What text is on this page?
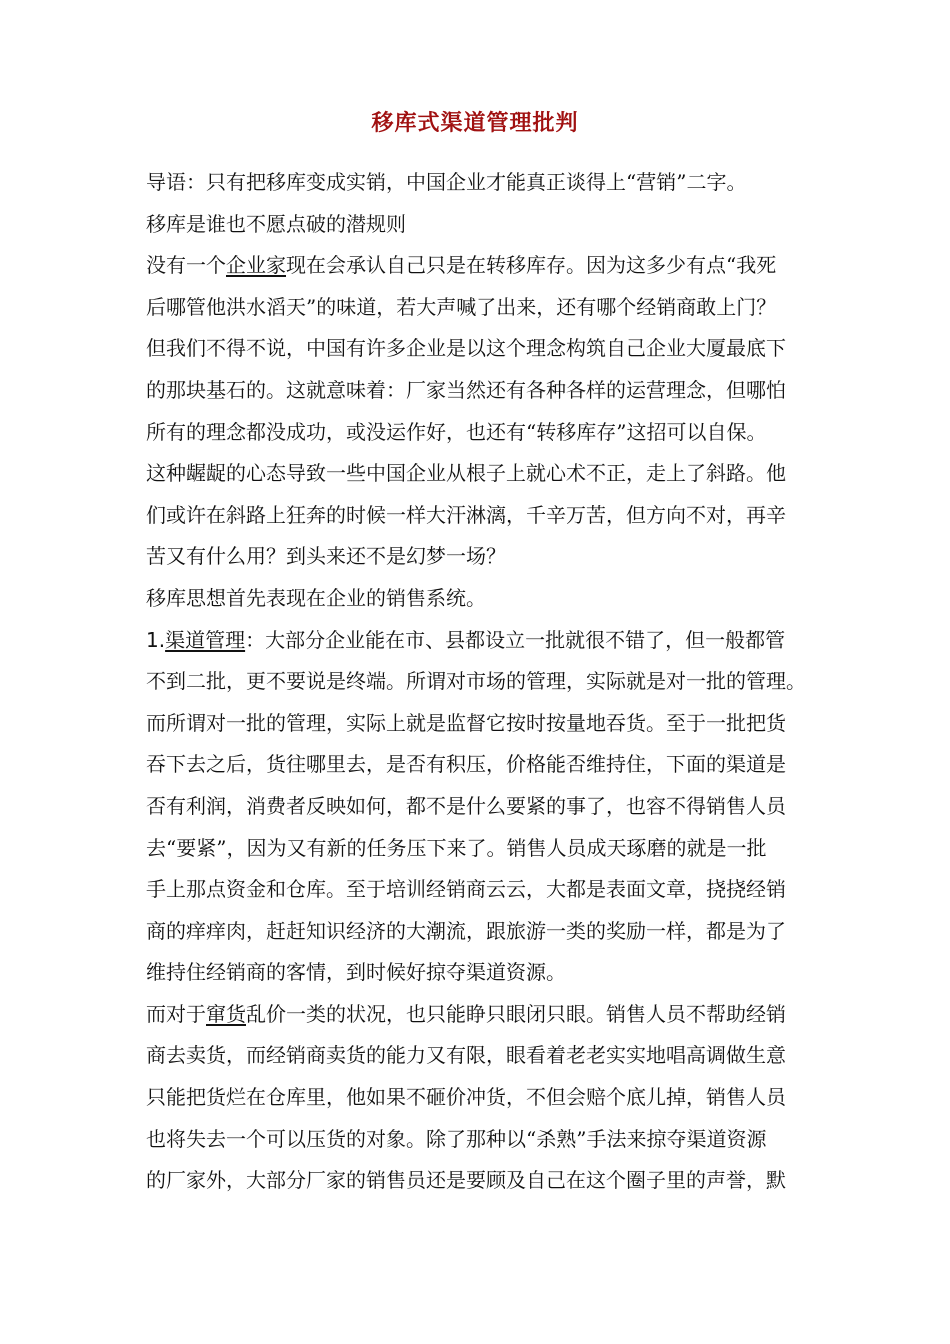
移库式渠道管理批判
导语：只有把移库变成实销，中国企业才能真正谈得上“营销”二字。
移库是谁也不愿点破的潜规则
没有一个企业家现在会承认自己只是在转移库存。因为这多少有点“我死
后哪管他洪水滔天”的味道，若大声喊了出来，还有哪个经销商敢上门？
但我们不得不说，中国有许多企业是以这个理念构筑自己企业大厦最底下
的那块基石的。这就意味着：厂家当然还有各种各样的运营理念，但哪怕
所有的理念都没成功，或没运作好，也还有“转移库存”这招可以自保。
这种龌龊的心态导致一些中国企业从根子上就心术不正，走上了斜路。他
们或许在斜路上狂奔的时候一样大汗淋漓，千辛万苦，但方向不对，再辛
苦又有什么用？到头来还不是幻梦一场？
移库思想首先表现在企业的销售系统。
1.渠道管理：大部分企业能在市、县都设立一批就很不错了，但一般都管
不到二批，更不要说是终端。所谓对市场的管理，实际就是对一批的管理。
而所谓对一批的管理，实际上就是监督它按时按量地吞货。至于一批把货
吞下去之后，货往哪里去，是否有积压，价格能否维持住，下面的渠道是
否有利润，消费者反映如何，都不是什么要紧的事了，也容不得销售人员
去“要紧”，因为又有新的任务压下来了。销售人员成天琢磨的就是一批
手上那点资金和仓库。至于培训经销商云云，大都是表面文章，挠挠经销
商的痒痒肉，赶赶知识经济的大潮流，跟旅游一类的奖励一样，都是为了
维持住经销商的客情，到时候好掠夺渠道资源。
而对于窜货乱价一类的状况，也只能睁只眼闭只眼。销售人员不帮助经销
商去卖货，而经销商卖货的能力又有限，眼看着老老实实地唱高调做生意
只能把货烂在仓库里，他如果不砸价冲货，不但会赔个底儿掉，销售人员
也将失去一个可以压货的对象。除了那种以“杀熟”手法来掠夺渠道资源
的厂家外，大部分厂家的销售员还是要顾及自己在这个圈子里的声誉，默
